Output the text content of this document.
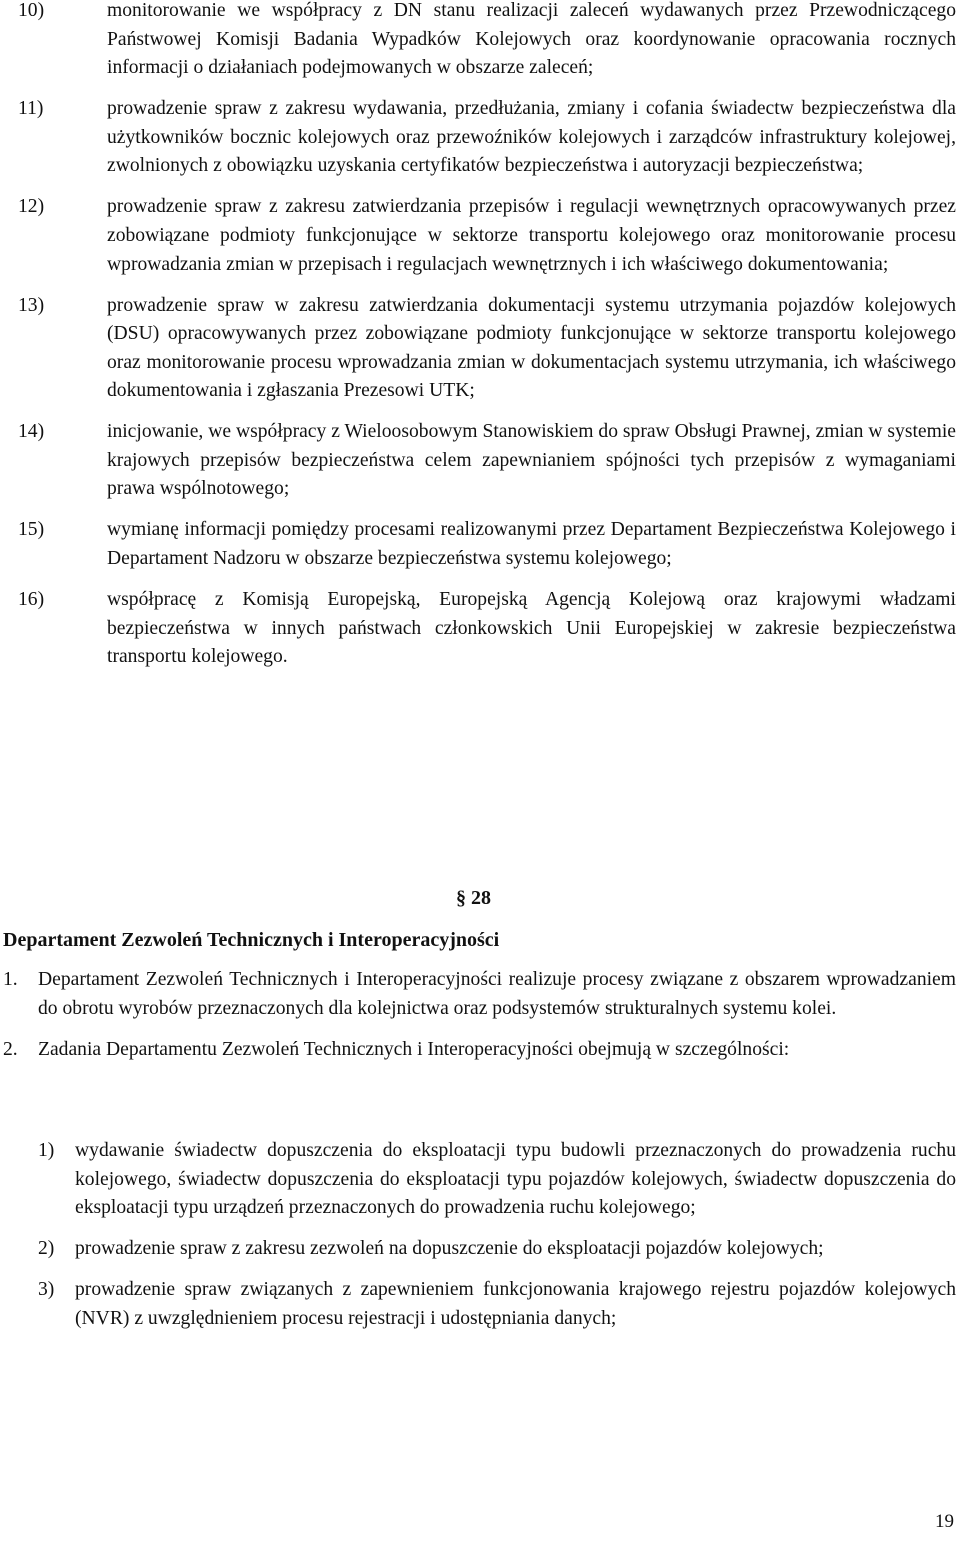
10)	monitorowanie we współpracy z DN stanu realizacji zaleceń wydawanych przez Przewodniczącego Państwowej Komisji Badania Wypadków Kolejowych oraz koordynowanie opracowania rocznych informacji o działaniach podejmowanych w obszarze zaleceń;
11)	prowadzenie spraw z zakresu wydawania, przedłużania, zmiany i cofania świadectw bezpieczeństwa dla użytkowników bocznic kolejowych oraz przewoźników kolejowych i zarządców infrastruktury kolejowej, zwolnionych z obowiązku uzyskania certyfikatów bezpieczeństwa i autoryzacji bezpieczeństwa;
12)	prowadzenie spraw z zakresu zatwierdzania przepisów i regulacji wewnętrznych opracowywanych przez zobowiązane podmioty funkcjonujące w sektorze transportu kolejowego oraz monitorowanie procesu wprowadzania zmian w przepisach i regulacjach wewnętrznych i ich właściwego dokumentowania;
13)	prowadzenie spraw w zakresu zatwierdzania dokumentacji systemu utrzymania pojazdów kolejowych (DSU) opracowywanych przez zobowiązane podmioty funkcjonujące w sektorze transportu kolejowego oraz monitorowanie procesu wprowadzania zmian w dokumentacjach systemu utrzymania, ich właściwego dokumentowania i zgłaszania Prezesowi UTK;
14)	inicjowanie, we współpracy z Wieloosobowym Stanowiskiem do spraw Obsługi Prawnej, zmian w systemie krajowych przepisów bezpieczeństwa celem zapewnianiem spójności tych przepisów z wymaganiami prawa wspólnotowego;
15)	wymianę informacji pomiędzy procesami realizowanymi przez Departament Bezpieczeństwa Kolejowego i Departament Nadzoru w obszarze bezpieczeństwa systemu kolejowego;
16)	współpracę z Komisją Europejską, Europejską Agencją Kolejową oraz krajowymi władzami bezpieczeństwa w innych państwach członkowskich Unii Europejskiej w zakresie bezpieczeństwa transportu kolejowego.
§ 28
Departament Zezwoleń Technicznych i Interoperacyjności
1. Departament Zezwoleń Technicznych i Interoperacyjności realizuje procesy związane z obszarem wprowadzaniem do obrotu wyrobów przeznaczonych dla kolejnictwa oraz podsystemów strukturalnych systemu kolei.
2. Zadania Departamentu Zezwoleń Technicznych i Interoperacyjności obejmują w szczególności:
1) wydawanie świadectw dopuszczenia do eksploatacji typu budowli przeznaczonych do prowadzenia ruchu kolejowego, świadectw dopuszczenia do eksploatacji typu pojazdów kolejowych, świadectw dopuszczenia do eksploatacji typu urządzeń przeznaczonych do prowadzenia ruchu kolejowego;
2) prowadzenie spraw z zakresu zezwoleń na dopuszczenie do eksploatacji pojazdów kolejowych;
3) prowadzenie spraw związanych z zapewnieniem funkcjonowania krajowego rejestru pojazdów kolejowych (NVR) z uwzględnieniem procesu rejestracji i udostępniania danych;
19
